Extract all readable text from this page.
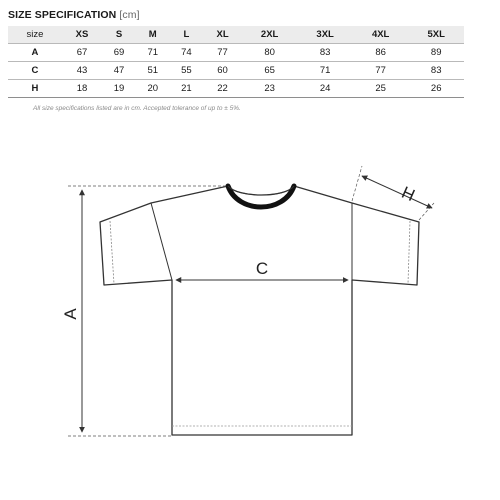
SIZE SPECIFICATION [cm]
size	XS	S	M	L	XL	2XL	3XL	4XL	5XL
A	67	69	71	74	77	80	83	86	89
C	43	47	51	55	60	65	71	77	83
H	18	19	20	21	22	23	24	25	26
All size specifications listed are in cm. Accepted tolerance of up to ± 5%.
A
C
H
